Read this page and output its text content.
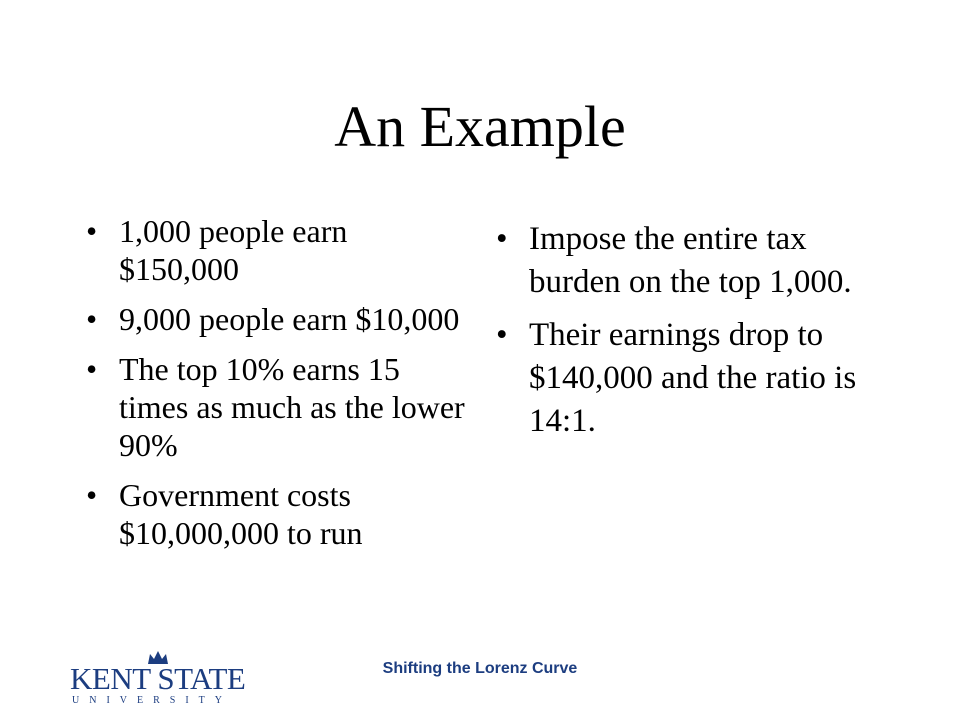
An Example
• 1,000 people earn $150,000
• 9,000 people earn $10,000
• The top 10% earns 15 times as much as the lower 90%
• Government costs $10,000,000 to run
• Impose the entire tax burden on the top 1,000.
• Their earnings drop to $140,000 and the ratio is 14:1.
KENT STATE
UNIVERSITY
Shifting the Lorenz Curve
